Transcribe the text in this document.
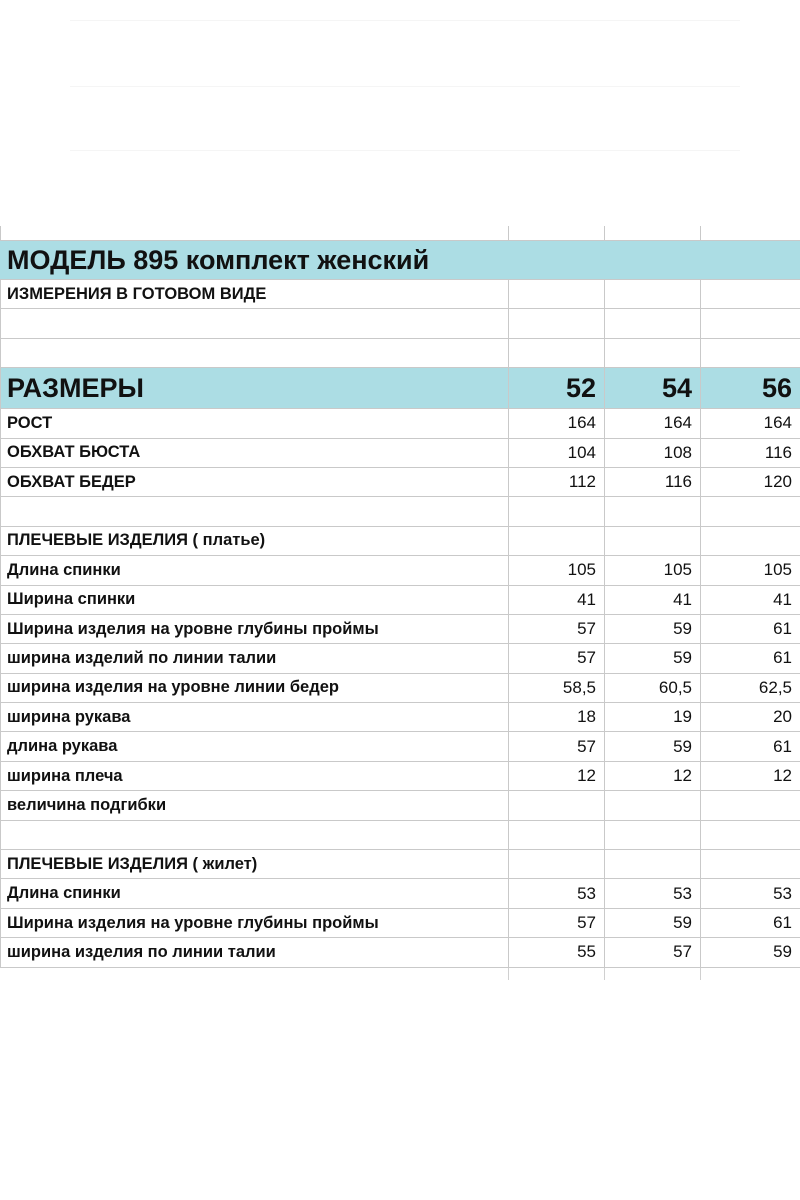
МОДЕЛЬ 895 комплект женский			
ИЗМЕРЕНИЯ В ГОТОВОМ ВИДЕ			

РАЗМЕРЫ	52	54	56
РОСТ	164	164	164
ОБХВАТ БЮСТА	104	108	116
ОБХВАТ БЕДЕР	112	116	120

ПЛЕЧЕВЫЕ ИЗДЕЛИЯ ( платье)			
Длина спинки	105	105	105
Ширина спинки	41	41	41
Ширина изделия на уровне глубины проймы	57	59	61
ширина изделий по линии талии	57	59	61
ширина изделия на уровне линии бедер	58,5	60,5	62,5
ширина рукава	18	19	20
длина рукава	57	59	61
ширина плеча	12	12	12
величина подгибки			

ПЛЕЧЕВЫЕ ИЗДЕЛИЯ ( жилет)			
Длина спинки	53	53	53
Ширина изделия на уровне глубины проймы	57	59	61
ширина изделия по линии талии	55	57	59
